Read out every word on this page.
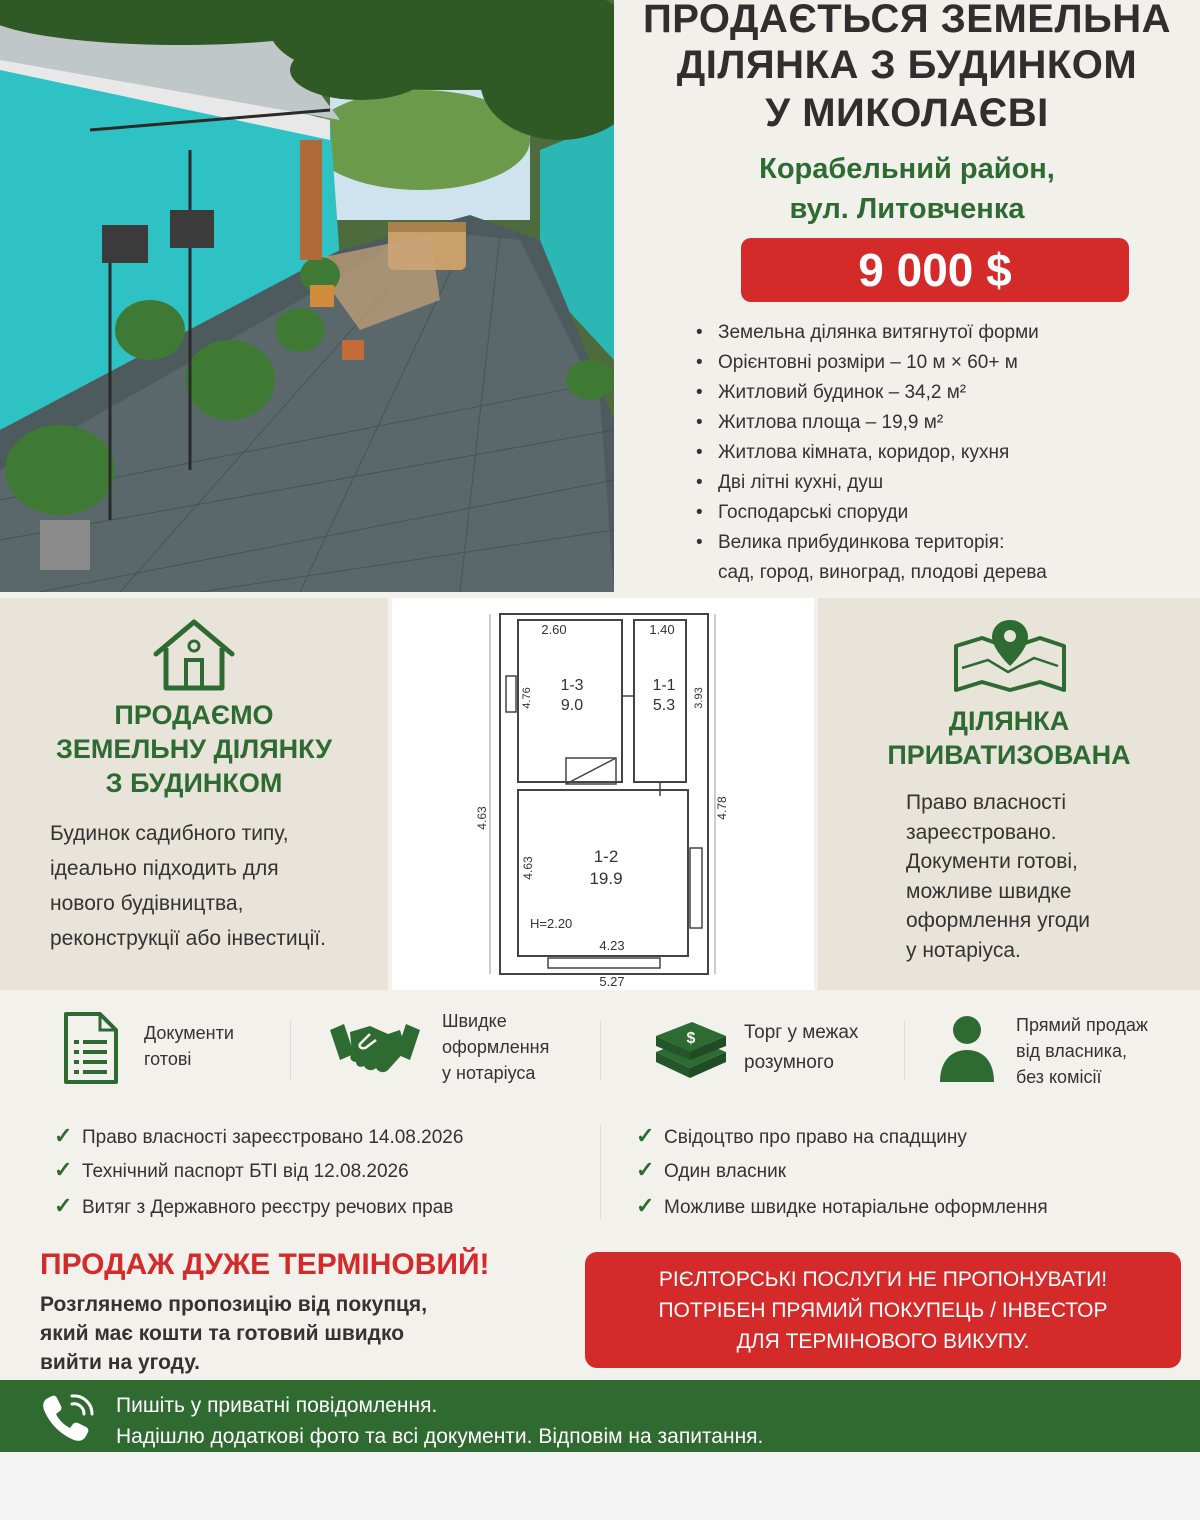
ПРОДАЄТЬСЯ ЗЕМЕЛЬНА
ДІЛЯНКА З БУДИНКОМ
У МИКОЛАЄВІ
Корабельний район,
вул. Литовченка
9 000 $
• Земельна ділянка витягнутої форми
• Орієнтовні розміри – 10 м × 60+ м
• Житловий будинок – 34,2 м²
• Житлова площа – 19,9 м²
• Житлова кімната, коридор, кухня
• Дві літні кухні, душ
• Господарські споруди
• Велика прибудинкова територія:
сад, город, виноград, плодові дерева
ПРОДАЄМО
ЗЕМЕЛЬНУ ДІЛЯНКУ
З БУДИНКОМ
Будинок садибного типу,
ідеально підходить для
нового будівництва,
реконструкції або інвестиції.
2.60	1.40
1-3
9.0
1-1
5.3
1-2
19.9
H=2.20
4.23
5.27
4.76	3.93
4.63	4.78
4.63
ДІЛЯНКА
ПРИВАТИЗОВАНА
Право власності
зареєстровано.
Документи готові,
можливе швидке
оформлення угоди
у нотаріуса.
Документи
готові
Швидке
оформлення
у нотаріуса
$	Торг у межах
розумного
Прямий продаж
від власника,
без комісії
✓ Право власності зареєстровано 14.08.2026
✓ Технічний паспорт БТІ від 12.08.2026
✓ Витяг з Державного реєстру речових прав
✓ Свідоцтво про право на спадщину
✓ Один власник
✓ Можливе швидке нотаріальне оформлення
ПРОДАЖ ДУЖЕ ТЕРМІНОВИЙ!
Розглянемо пропозицію від покупця,
який має кошти та готовий швидко
вийти на угоду.
РІЄЛТОРСЬКІ ПОСЛУГИ НЕ ПРОПОНУВАТИ!
ПОТРІБЕН ПРЯМИЙ ПОКУПЕЦЬ / ІНВЕСТОР
ДЛЯ ТЕРМІНОВОГО ВИКУПУ.
Пишіть у приватні повідомлення.
Надішлю додаткові фото та всі документи. Відповім на запитання.
